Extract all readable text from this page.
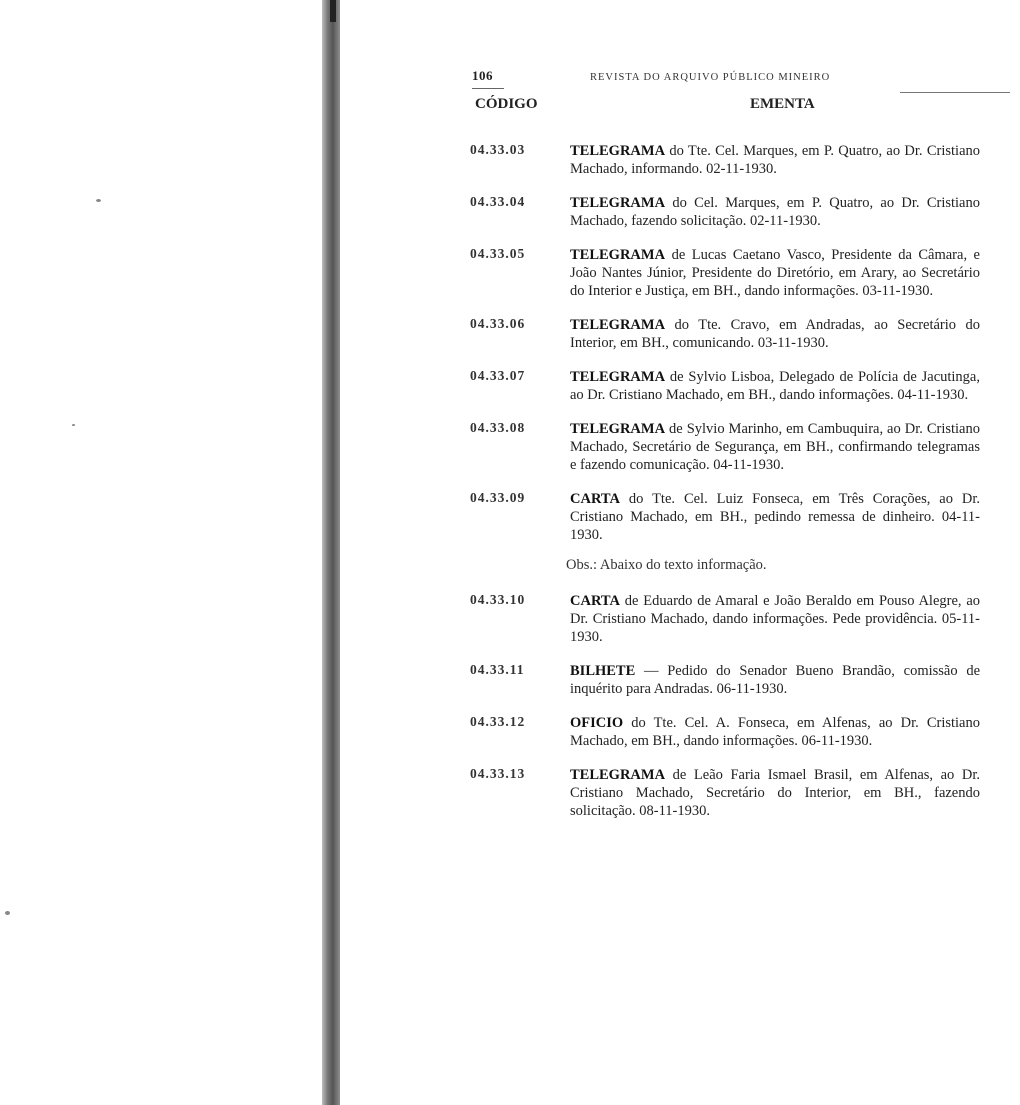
106	REVISTA DO ARQUIVO PÚBLICO MINEIRO
CÓDIGO	EMENTA
04.33.03	TELEGRAMA do Tte. Cel. Marques, em P. Quatro, ao Dr. Cristiano Machado, informando. 02-11-1930.
04.33.04	TELEGRAMA do Cel. Marques, em P. Quatro, ao Dr. Cristiano Machado, fazendo solicitação. 02-11-1930.
04.33.05	TELEGRAMA de Lucas Caetano Vasco, Presidente da Câmara, e João Nantes Júnior, Presidente do Diretório, em Arary, ao Secretário do Interior e Justiça, em BH., dando informações. 03-11-1930.
04.33.06	TELEGRAMA do Tte. Cravo, em Andradas, ao Secretário do Interior, em BH., comunicando. 03-11-1930.
04.33.07	TELEGRAMA de Sylvio Lisboa, Delegado de Polícia de Jacutinga, ao Dr. Cristiano Machado, em BH., dando informações. 04-11-1930.
04.33.08	TELEGRAMA de Sylvio Marinho, em Cambuquira, ao Dr. Cristiano Machado, Secretário de Segurança, em BH., confirmando telegramas e fazendo comunicação. 04-11-1930.
04.33.09	CARTA do Tte. Cel. Luiz Fonseca, em Três Corações, ao Dr. Cristiano Machado, em BH., pedindo remessa de dinheiro. 04-11-1930.
Obs.: Abaixo do texto informação.
04.33.10	CARTA de Eduardo de Amaral e João Beraldo em Pouso Alegre, ao Dr. Cristiano Machado, dando informações. Pede providência. 05-11-1930.
04.33.11	BILHETE — Pedido do Senador Bueno Brandão, comissão de inquérito para Andradas. 06-11-1930.
04.33.12	OFICIO do Tte. Cel. A. Fonseca, em Alfenas, ao Dr. Cristiano Machado, em BH., dando informações. 06-11-1930.
04.33.13	TELEGRAMA de Leão Faria Ismael Brasil, em Alfenas, ao Dr. Cristiano Machado, Secretário do Interior, em BH., fazendo solicitação. 08-11-1930.
